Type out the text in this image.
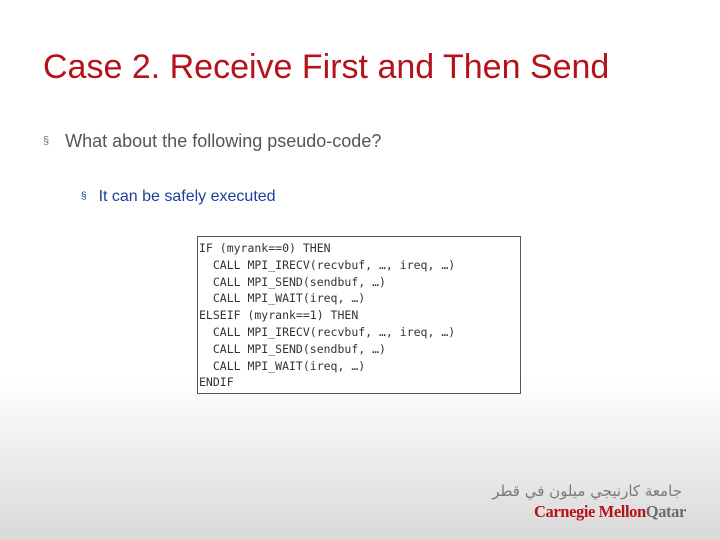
Case 2. Receive First and Then Send
§ What about the following pseudo-code?
§ It can be safely executed
IF (myrank==0) THEN
CALL MPI_IRECV(recvbuf, …, ireq, …)
CALL MPI_SEND(sendbuf, …)
CALL MPI_WAIT(ireq, …)
ELSEIF (myrank==1) THEN
CALL MPI_IRECV(recvbuf, …, ireq, …)
CALL MPI_SEND(sendbuf, …)
CALL MPI_WAIT(ireq, …)
ENDIF
جامعة كارنيجي ميلون في قطر
Carnegie MellonQatar
